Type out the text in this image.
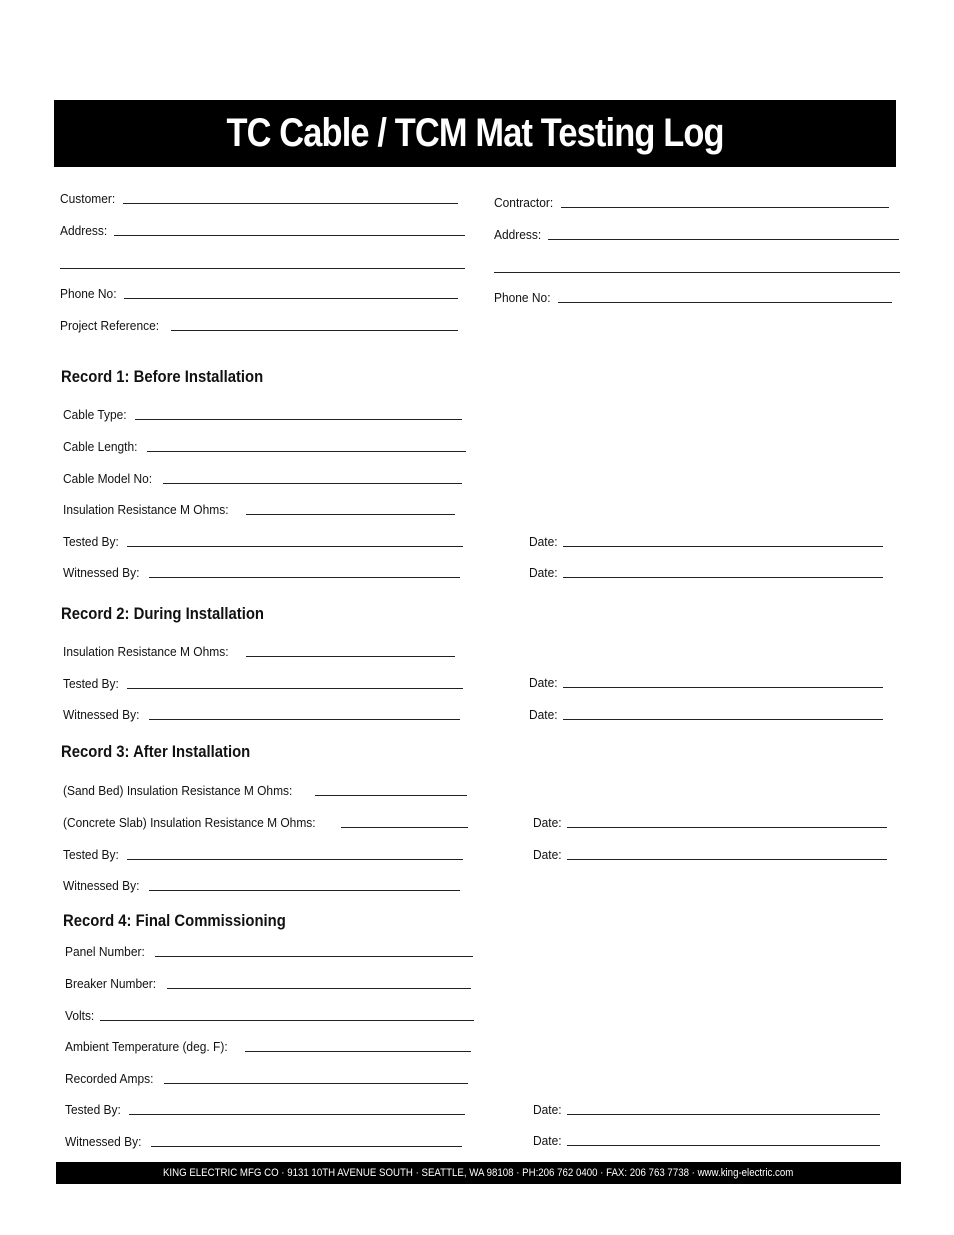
TC Cable / TCM Mat Testing Log
Customer:
Address:
Phone No:
Project Reference:
Contractor:
Address:
Phone No:
Record 1: Before Installation
Cable Type:
Cable Length:
Cable Model No:
Insulation Resistance M Ohms:
Tested By:
Witnessed By:
Date:
Date:
Record 2: During Installation
Insulation Resistance M Ohms:
Tested By:
Witnessed By:
Date:
Date:
Record 3: After Installation
(Sand Bed) Insulation Resistance M Ohms:
(Concrete Slab) Insulation Resistance M Ohms:
Tested By:
Witnessed By:
Date:
Date:
Record 4: Final Commissioning
Panel Number:
Breaker Number:
Volts:
Ambient Temperature (deg. F):
Recorded Amps:
Tested By:
Witnessed By:
Date:
Date:
KING ELECTRIC MFG CO · 9131 10TH AVENUE SOUTH · SEATTLE, WA 98108 · PH:206 762 0400 · FAX: 206 763 7738 · www.king-electric.com
